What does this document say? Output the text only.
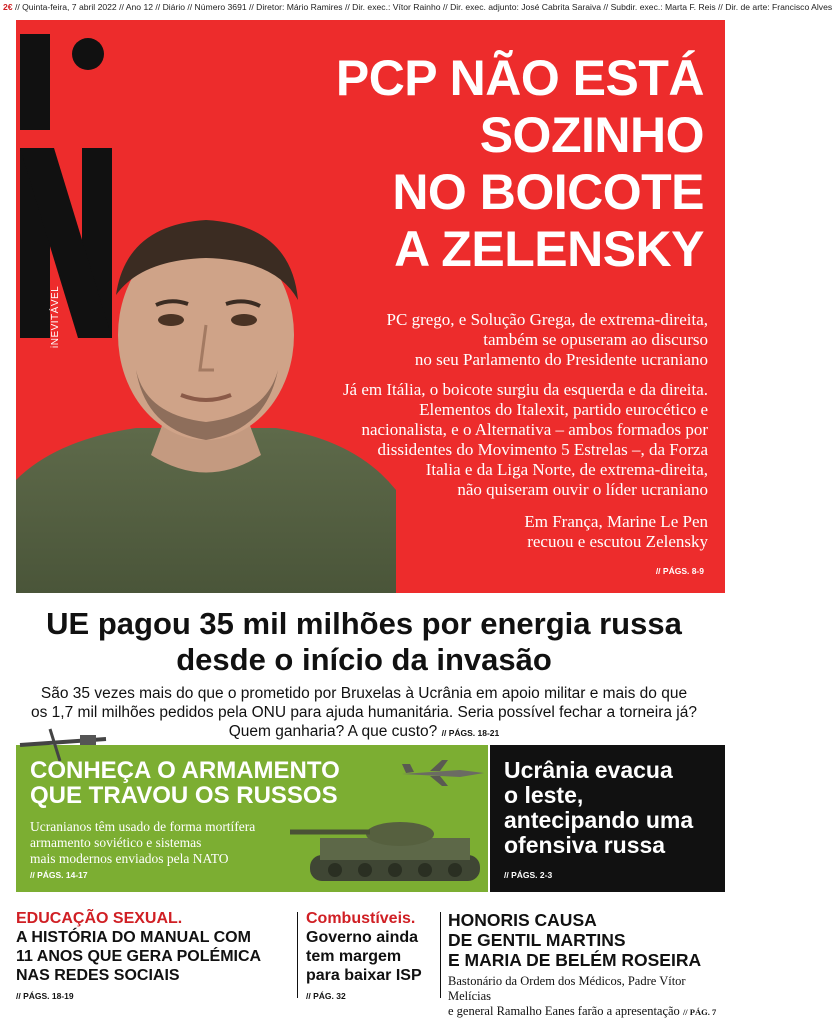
2€ // Quinta-feira, 7 abril 2022 // Ano 12 // Diário // Número 3691 // Diretor: Mário Ramires // Dir. exec.: Vítor Rainho // Dir. exec. adjunto: José Cabrita Saraiva // Subdir. exec.: Marta F. Reis // Dir. de arte: Francisco Alves
iNEVITÁVEL
PCP NÃO ESTÁ
SOZINHO
NO BOICOTE
A ZELENSKY
PC grego, e Solução Grega, de extrema-direita,
também se opuseram ao discurso
no seu Parlamento do Presidente ucraniano
Já em Itália, o boicote surgiu da esquerda e da direita.
Elementos do Italexit, partido eurocético e
nacionalista, e o Alternativa – ambos formados por
dissidentes do Movimento 5 Estrelas –, da Forza
Italia e da Liga Norte, de extrema-direita,
não quiseram ouvir o líder ucraniano
Em França, Marine Le Pen
recuou e escutou Zelensky
// PÁGS. 8-9
UE pagou 35 mil milhões por energia russa
desde o início da invasão
São 35 vezes mais do que o prometido por Bruxelas à Ucrânia em apoio militar e mais do que
os 1,7 mil milhões pedidos pela ONU para ajuda humanitária. Seria possível fechar a torneira já?
Quem ganharia? A que custo? // PÁGS. 18-21
CONHEÇA O ARMAMENTO
QUE TRAVOU OS RUSSOS
Ucranianos têm usado de forma mortífera
armamento soviético e sistemas
mais modernos enviados pela NATO
// PÁGS. 14-17
Ucrânia evacua
o leste,
antecipando uma
ofensiva russa
// PÁGS. 2-3
EDUCAÇÃO SEXUAL.
A HISTÓRIA DO MANUAL COM
11 ANOS QUE GERA POLÉMICA
NAS REDES SOCIAIS
// PÁGS. 18-19
Combustíveis.
Governo ainda
tem margem
para baixar ISP
// PÁG. 32
HONORIS CAUSA
DE GENTIL MARTINS
E MARIA DE BELÉM ROSEIRA
Bastonário da Ordem dos Médicos, Padre Vítor Melícias
e general Ramalho Eanes farão a apresentação // PÁG. 7
